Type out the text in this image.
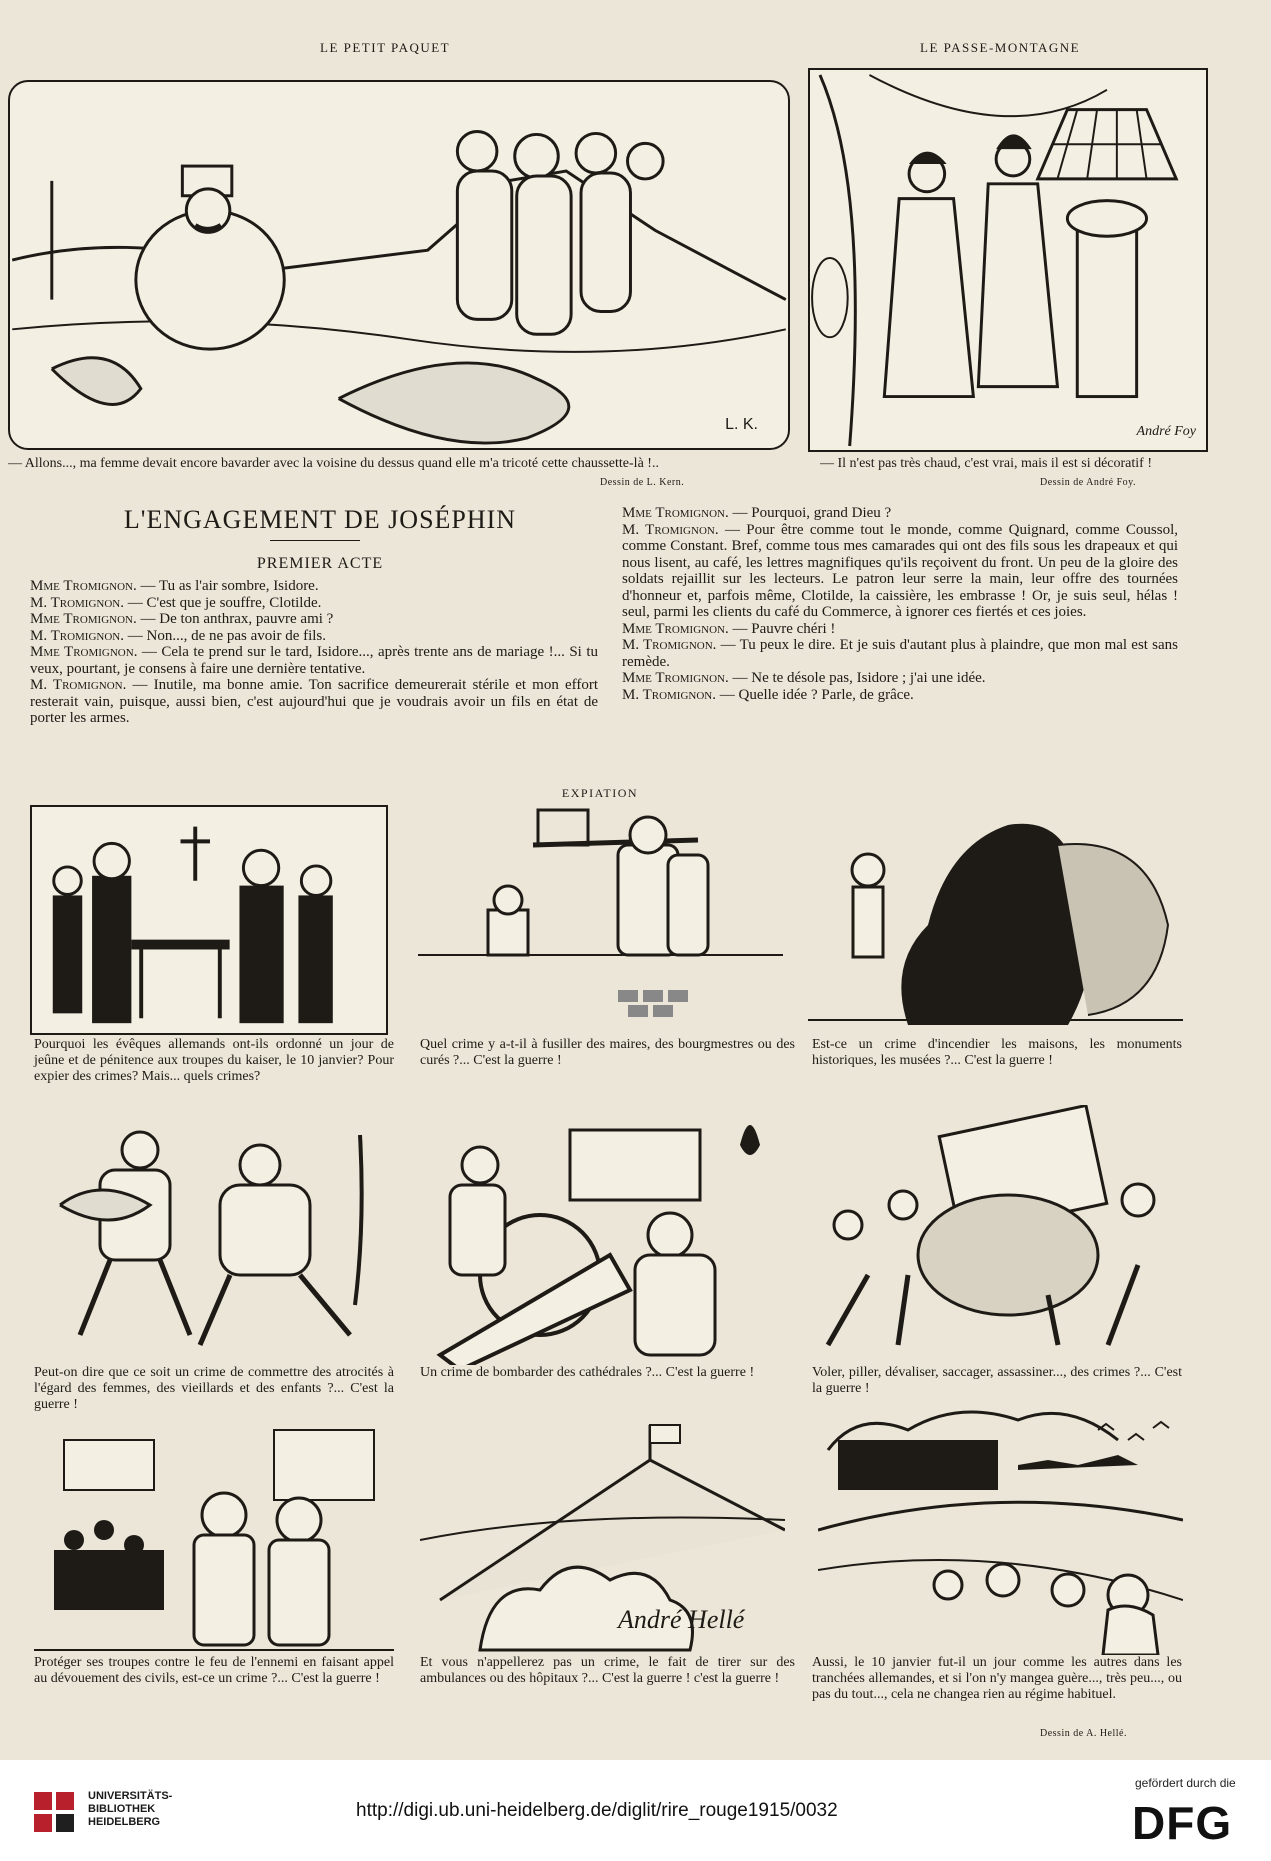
LE PETIT PAQUET	LE PASSE-MONTAGNE
L. K.	André Foy
— Allons..., ma femme devait encore bavarder avec la voisine du dessus quand elle m'a tricoté cette chaussette-là !..
Dessin de L. Kern.
— Il n'est pas très chaud, c'est vrai, mais il est si décoratif !
Dessin de André Foy.
L'ENGAGEMENT DE JOSÉPHIN
PREMIER ACTE

Mme Tromignon. — Tu as l'air sombre, Isidore.

M. Tromignon. — C'est que je souffre, Clotilde.

Mme Tromignon. — De ton anthrax, pauvre ami ?

M. Tromignon. — Non..., de ne pas avoir de fils.

Mme Tromignon. — Cela te prend sur le tard, Isidore..., après trente ans de mariage !... Si tu veux, pourtant, je consens à faire une dernière tentative.

M. Tromignon. — Inutile, ma bonne amie. Ton sacrifice demeurerait stérile et mon effort resterait vain, puisque, aussi bien, c'est aujourd'hui que je voudrais avoir un fils en état de porter les armes.

Mme Tromignon. — Pourquoi, grand Dieu ?

M. Tromignon. — Pour être comme tout le monde, comme Quignard, comme Coussol, comme Constant. Bref, comme tous mes camarades qui ont des fils sous les drapeaux et qui nous lisent, au café, les lettres magnifiques qu'ils reçoivent du front. Un peu de la gloire des soldats rejaillit sur les lecteurs. Le patron leur serre la main, leur offre des tournées d'honneur et, parfois même, Clotilde, la caissière, les embrasse ! Or, je suis seul, hélas ! seul, parmi les clients du café du Commerce, à ignorer ces fiertés et ces joies.

Mme Tromignon. — Pauvre chéri !

M. Tromignon. — Tu peux le dire. Et je suis d'autant plus à plaindre, que mon mal est sans remède.

Mme Tromignon. — Ne te désole pas, Isidore ; j'ai une idée.

M. Tromignon. — Quelle idée ? Parle, de grâce.

EXPIATION
Pourquoi les évêques allemands ont-ils ordonné un jour de jeûne et de pénitence aux troupes du kaiser, le 10 janvier? Pour expier des crimes? Mais... quels crimes?
Quel crime y a-t-il à fusiller des maires, des bourgmestres ou des curés ?... C'est la guerre !
Est-ce un crime d'incendier les maisons, les monuments historiques, les musées ?... C'est la guerre !
Peut-on dire que ce soit un crime de commettre des atrocités à l'égard des femmes, des vieillards et des enfants ?... C'est la guerre !
Un crime de bombarder des cathédrales ?... C'est la guerre !	Voler, piller, dévaliser, saccager, assassiner..., des crimes ?... C'est la guerre !
André Hellé
Protéger ses troupes contre le feu de l'ennemi en faisant appel au dévouement des civils, est-ce un crime ?... C'est la guerre !
Et vous n'appellerez pas un crime, le fait de tirer sur des ambulances ou des hôpitaux ?... C'est la guerre ! c'est la guerre !
Aussi, le 10 janvier fut-il un jour comme les autres dans les tranchées allemandes, et si l'on n'y mangea guère..., très peu..., ou pas du tout..., cela ne changea rien au régime habituel.
Dessin de A. Hellé.
UNIVERSITÄTS-
BIBLIOTHEK
HEIDELBERG
http://digi.ub.uni-heidelberg.de/diglit/rire_rouge1915/0032
gefördert durch die
DFG
